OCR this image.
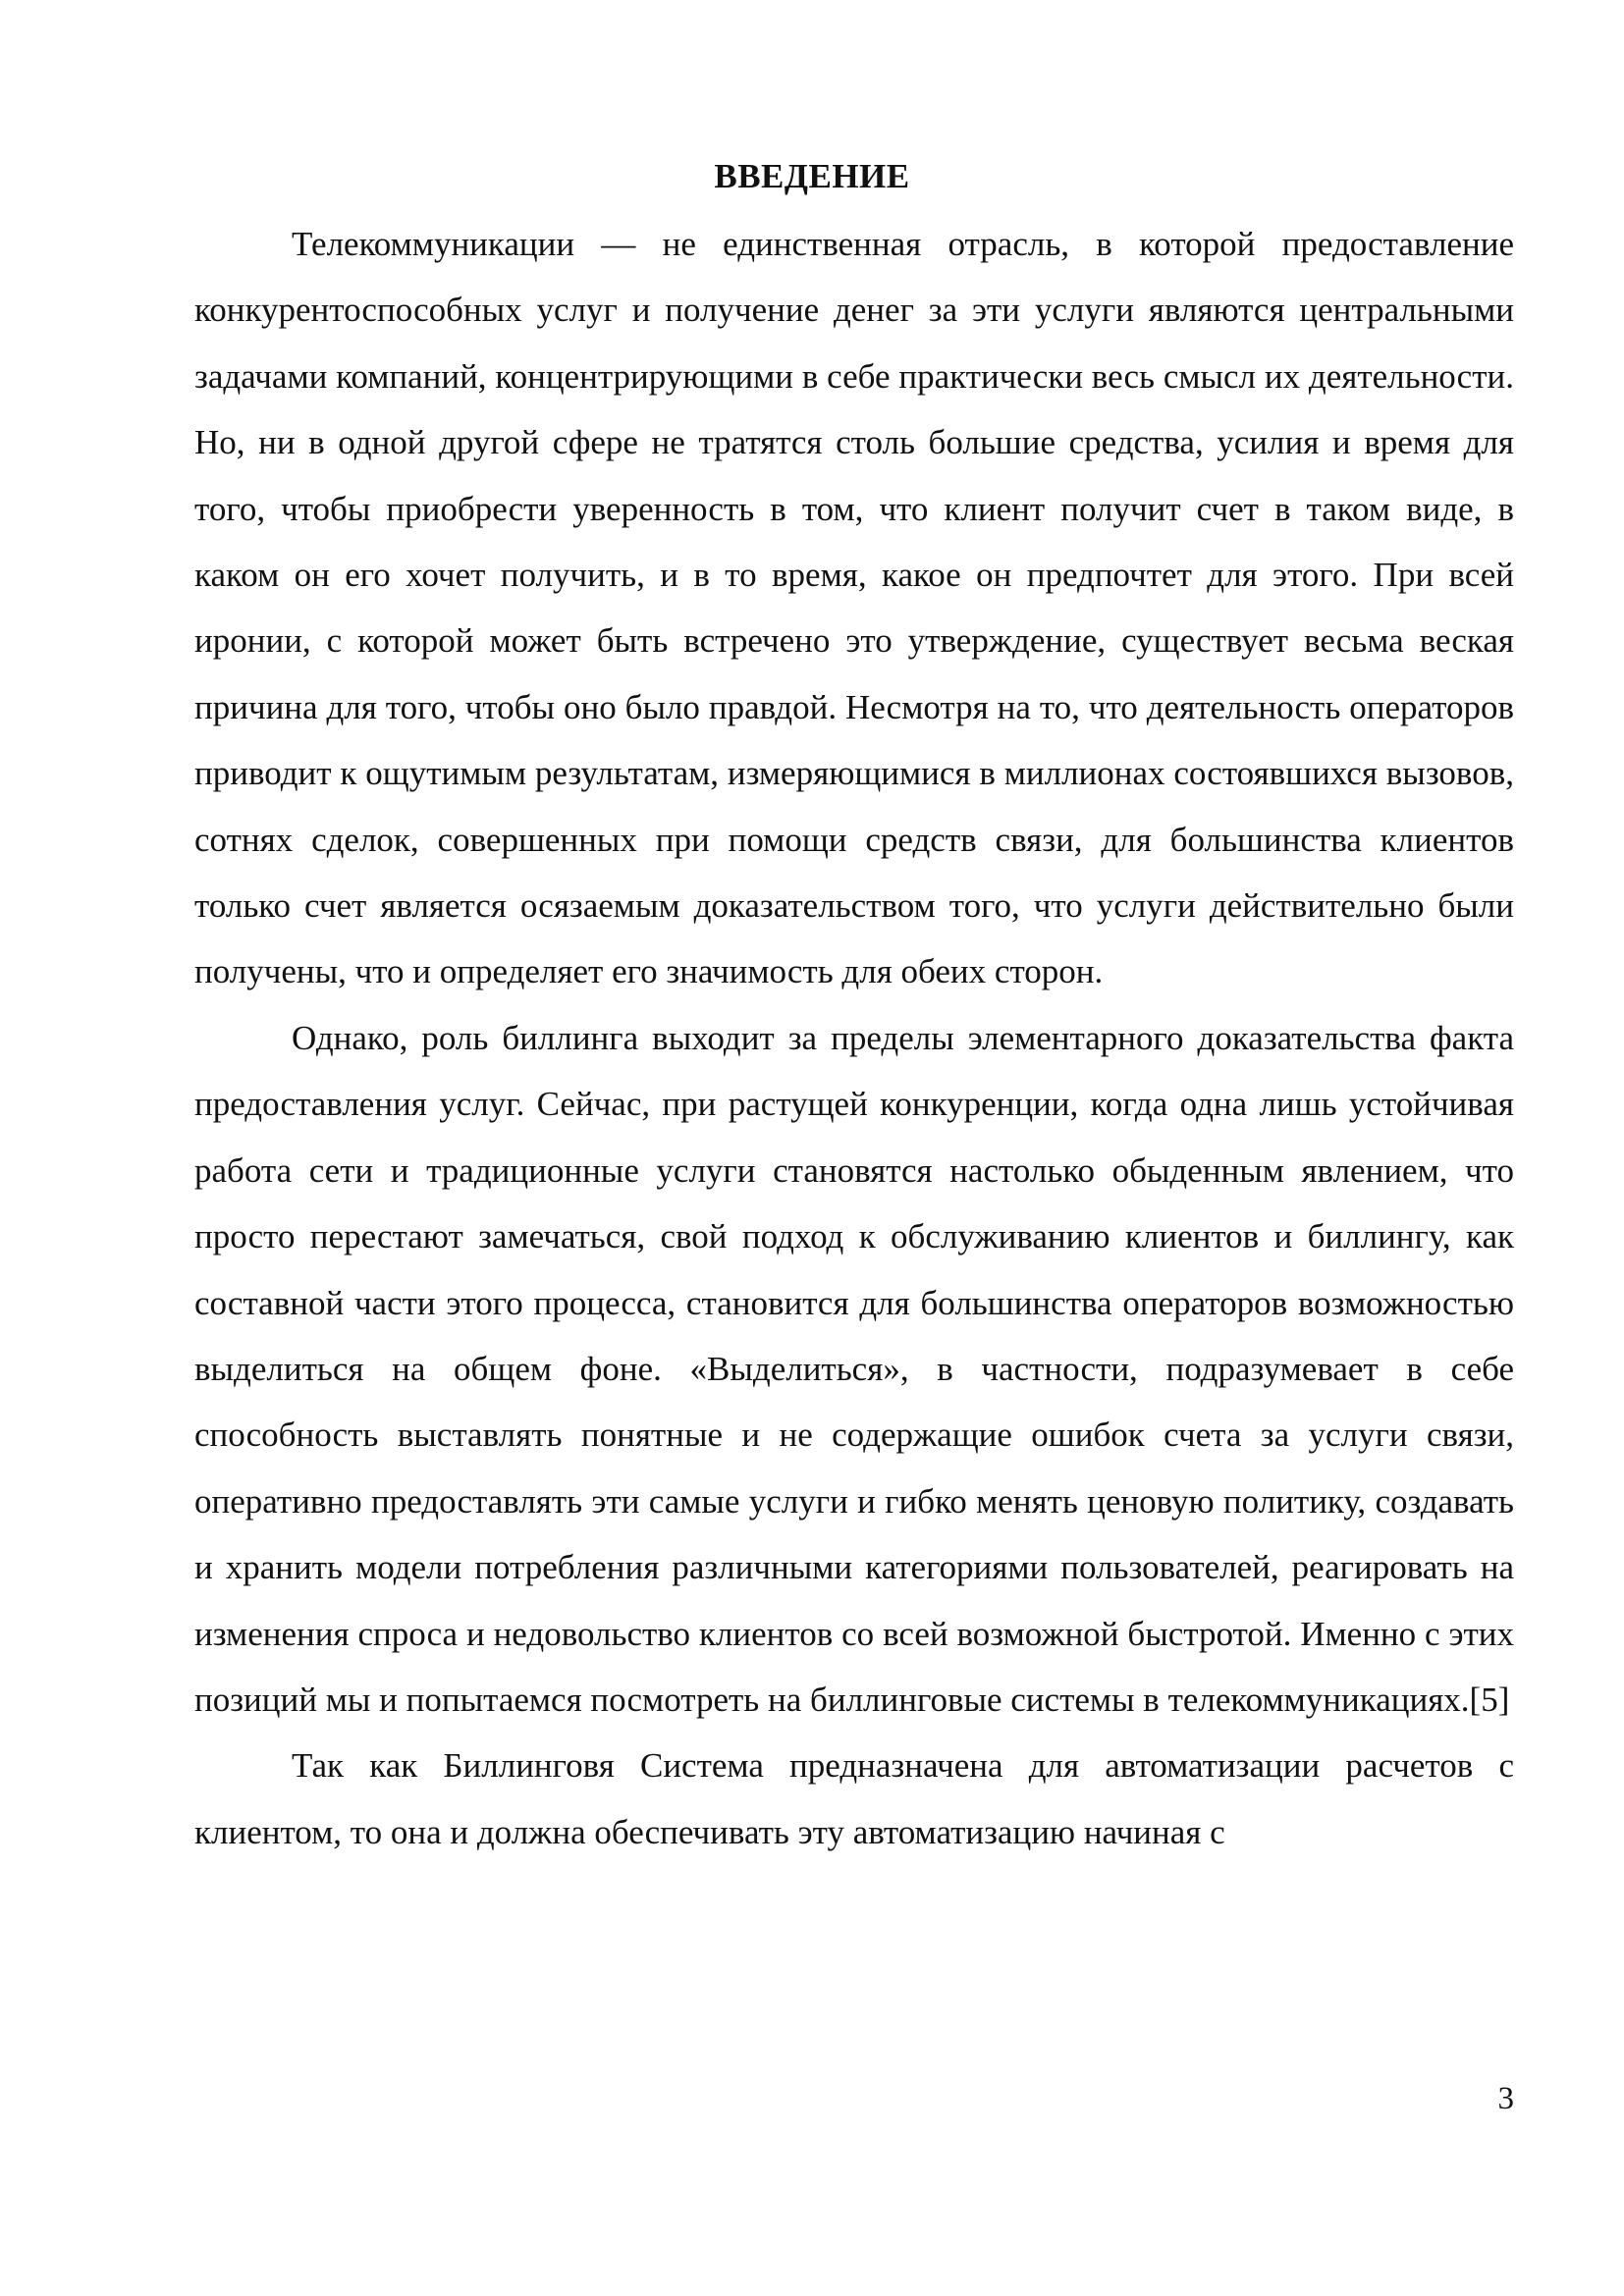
ВВЕДЕНИЕ

Телекоммуникации — не единственная отрасль, в которой предоставление конкурентоспособных услуг и получение денег за эти услуги являются центральными задачами компаний, концентрирующими в себе практически весь смысл их деятельности. Но, ни в одной другой сфере не тратятся столь большие средства, усилия и время для того, чтобы приобрести уверенность в том, что клиент получит счет в таком виде, в каком он его хочет получить, и в то время, какое он предпочтет для этого. При всей иронии, с которой может быть встречено это утверждение, существует весьма веская причина для того, чтобы оно было правдой. Несмотря на то, что деятельность операторов приводит к ощутимым результатам, измеряющимися в миллионах состоявшихся вызовов, сотнях сделок, совершенных при помощи средств связи, для большинства клиентов только счет является осязаемым доказательством того, что услуги действительно были получены, что и определяет его значимость для обеих сторон.

Однако, роль биллинга выходит за пределы элементарного доказательства факта предоставления услуг. Сейчас, при растущей конкуренции, когда одна лишь устойчивая работа сети и традиционные услуги становятся настолько обыденным явлением, что просто перестают замечаться, свой подход к обслуживанию клиентов и биллингу, как составной части этого процесса, становится для большинства операторов возможностью выделиться на общем фоне. «Выделиться», в частности, подразумевает в себе способность выставлять понятные и не содержащие ошибок счета за услуги связи, оперативно предоставлять эти самые услуги и гибко менять ценовую политику, создавать и хранить модели потребления различными категориями пользователей, реагировать на изменения спроса и недовольство клиентов со всей возможной быстротой. Именно с этих позиций мы и попытаемся посмотреть на биллинговые системы в телекоммуникациях.[5]

Так как Биллинговя Система предназначена для автоматизации расчетов с клиентом, то она и должна обеспечивать эту автоматизацию начиная с

3
